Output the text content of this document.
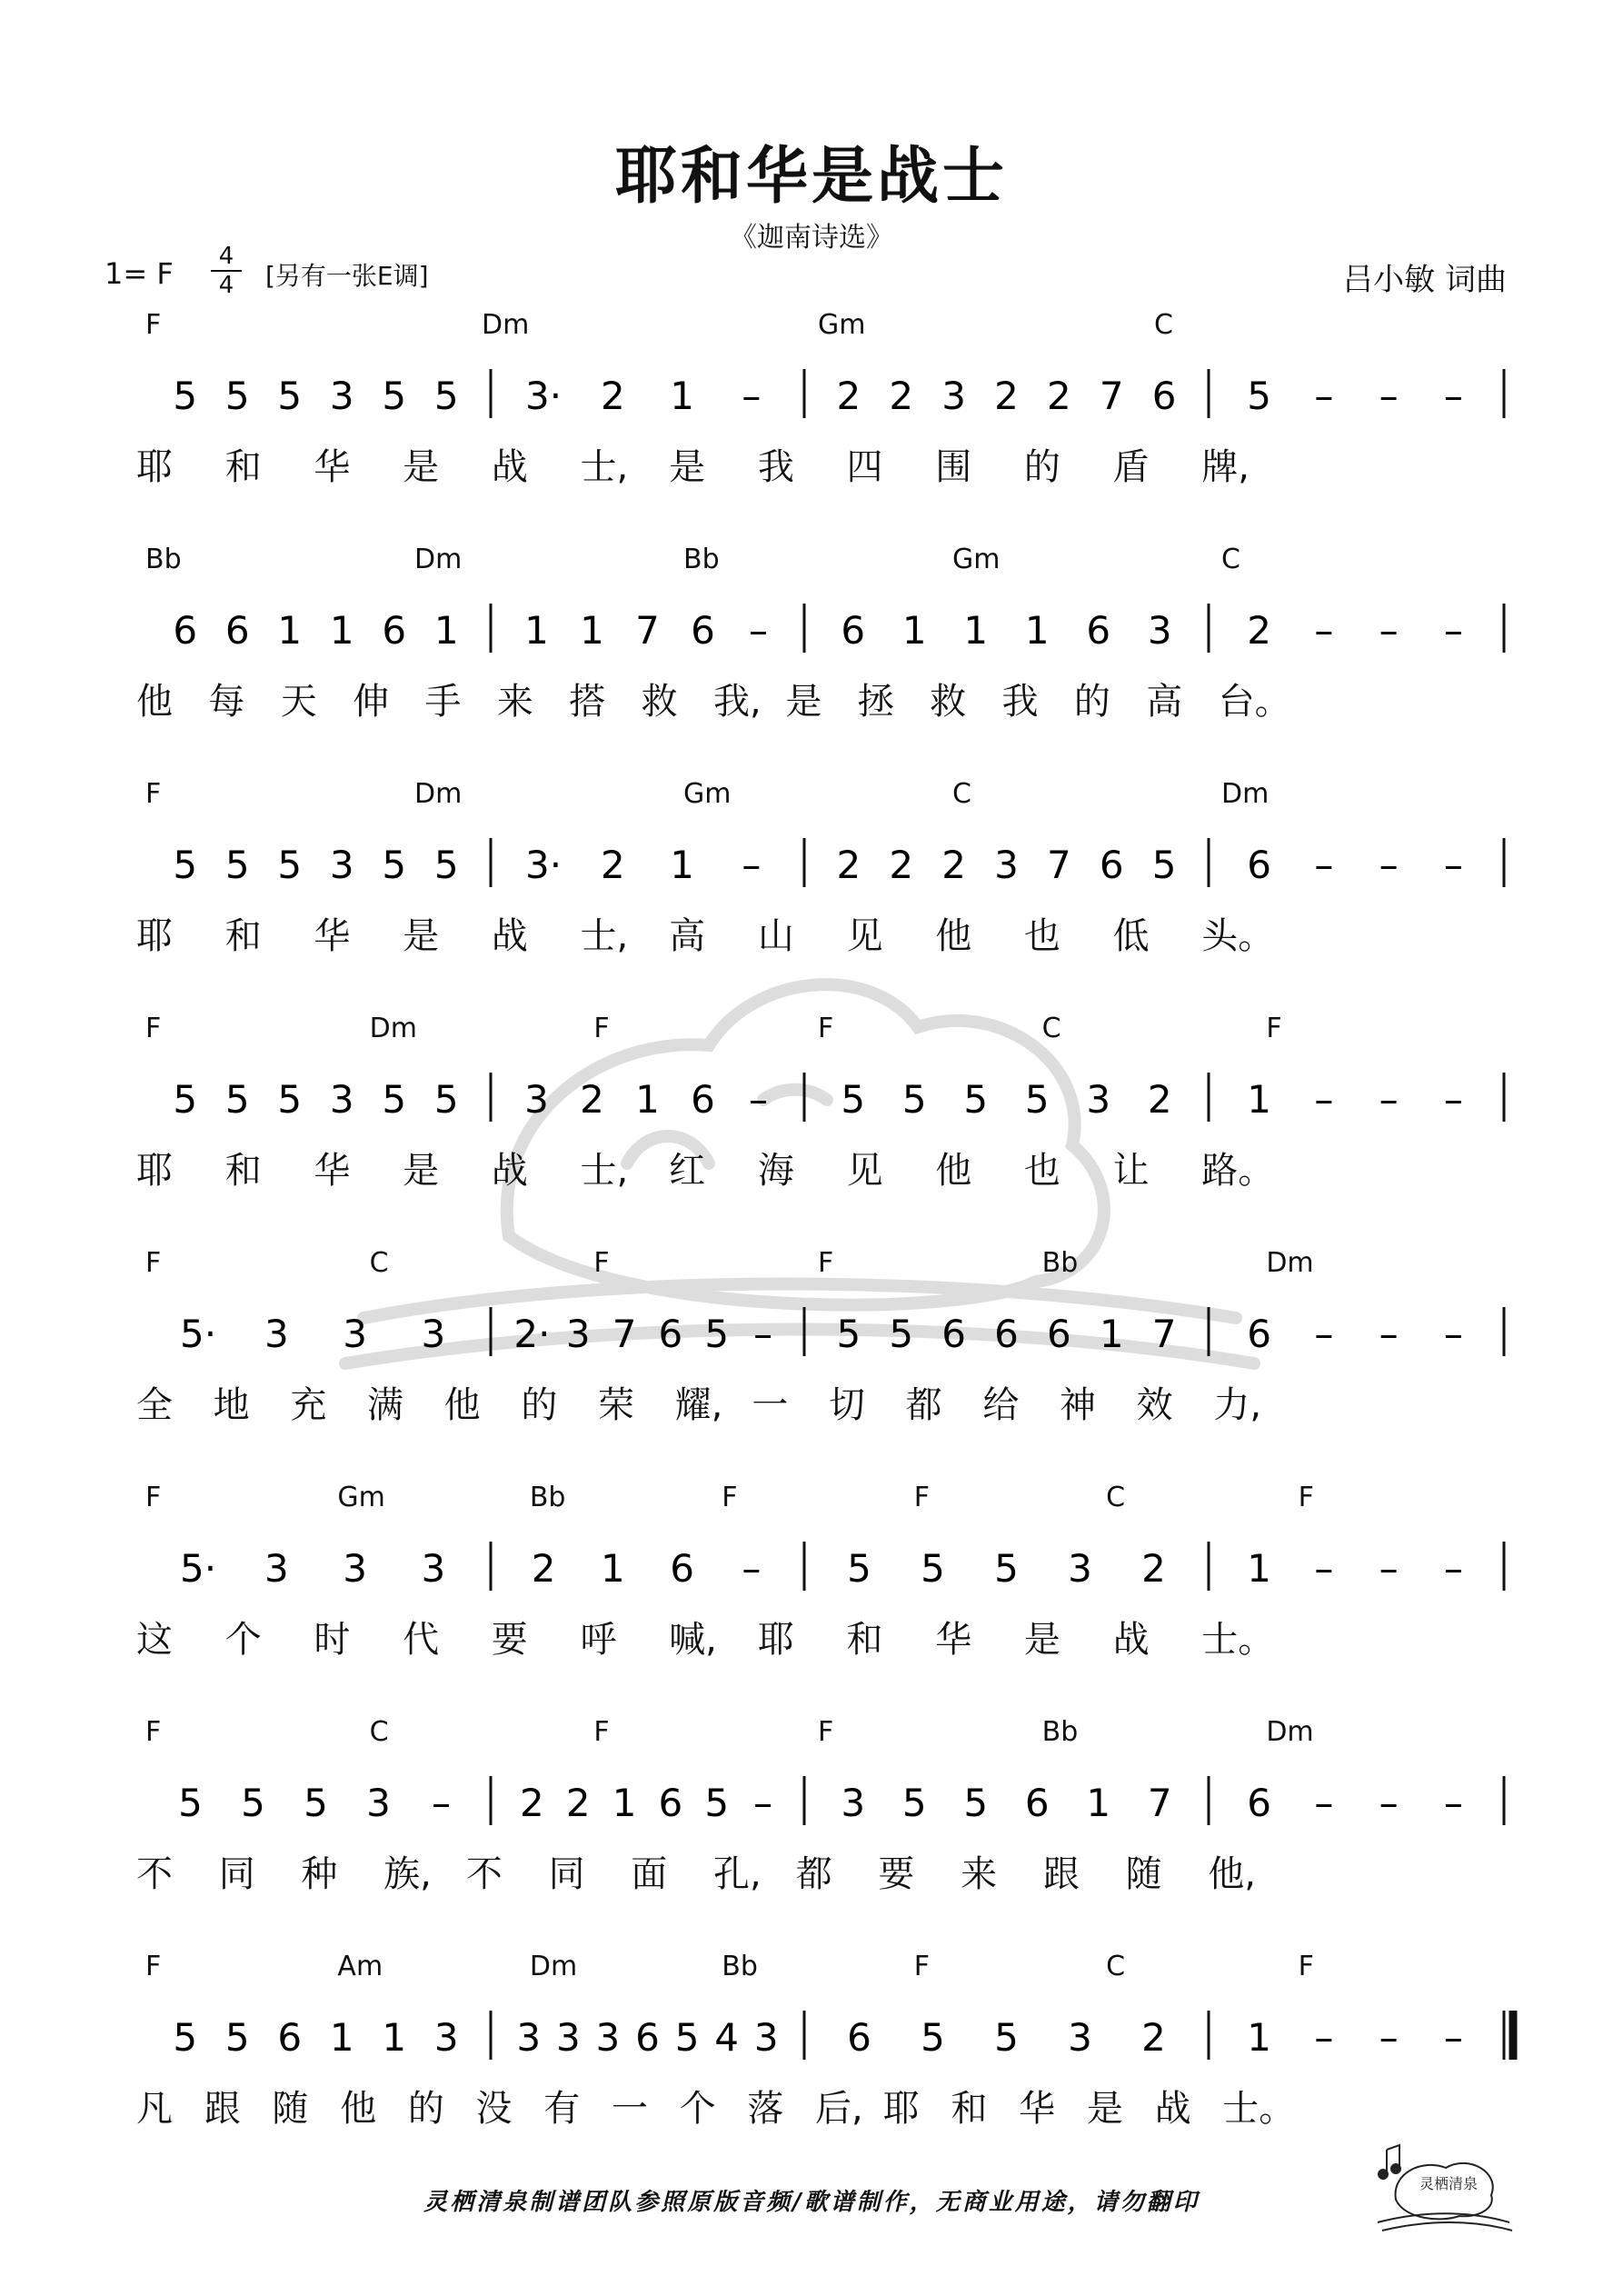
耶和华是战士
《迦南诗选》
1= F	4
4	[另有一张E调]	吕小敏 词曲
F	Dm	Gm	C
5 5 5 3 5 5 3· 2 1 – 2 2 3 2 2 7 6 5 – – –
耶 和 华 是 战 士, 是 我 四 围 的 盾 牌,
Bb	Dm	Bb	Gm	C
6 6 1 1 6 1 1 1 7 6 – 6 1 1 1 6 3 2 – – –
他 每 天 伸 手 来 搭 救 我, 是 拯 救 我 的 高 台。
F	Dm	Gm	C	Dm
5 5 5 3 5 5 3· 2 1 – 2 2 2 3 7 6 5 6 – – –
耶 和 华 是 战 士, 高 山 见 他 也 低 头。
F	Dm	F	F	C	F
5 5 5 3 5 5 3 2 1 6 – 5 5 5 5 3 2 1 – – –
耶 和 华 是 战 士, 红 海 见 他 也 让 路。
F	C	F	F	Bb	Dm
5· 3 3 3 2· 3 7 6 5 – 5 5 6 6 6 1 7 6 – – –
全 地 充 满 他 的 荣 耀, 一 切 都 给 神 效 力,
F	Gm	Bb	F	F	C	F
5· 3 3 3 2 1 6 – 5 5 5 3 2 1 – – –
这 个 时 代 要 呼 喊, 耶 和 华 是 战 士。
F	C	F	F	Bb	Dm
5 5 5 3 – 2 2 1 6 5 – 3 5 5 6 1 7 6 – – –
不 同 种 族, 不 同 面 孔, 都 要 来 跟 随 他,
F	Am	Dm	Bb	F	C	F
5 5 6 1 1 3 3 3 3 6 5 4 3 6 5 5 3 2 1 – – –
凡 跟 随 他 的 没 有 一 个 落 后, 耶 和 华 是 战 士。
灵栖清泉制谱团队参照原版音频/歌谱制作，无商业用途，请勿翻印
灵栖清泉
